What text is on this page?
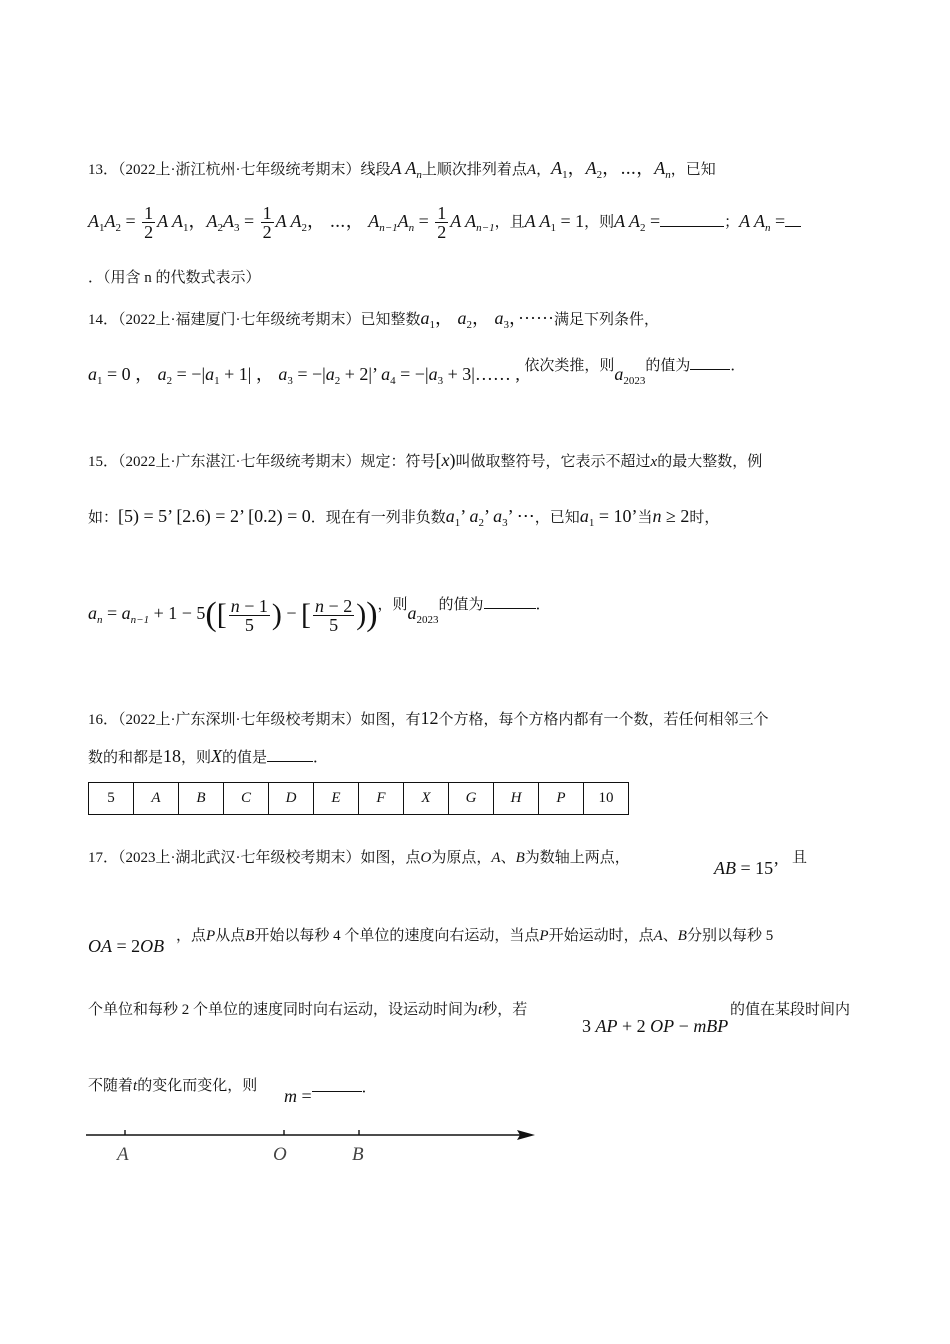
13．（2022上·浙江杭州·七年级统考期末）线段A $A_n$上顺次排列着点A，$A_1$，$A_2$，⋯，$A_n$，已知
$A_1A_2 = \frac{1}{2}$ A $A_1$，$A_2A_3 = \frac{1}{2}$ A $A_2$， ⋯， $A_{n-1}A_n = \frac{1}{2}$ A $A_{n-1}$，且A $A_1 = 1$，则A $A_2$ =	；A $A_n$ =
．（用含 n 的代数式表示）
14．（2022上·福建厦门·七年级统考期末）已知整数$a_1$， $a_2$， $a_3$，······满足下列条件，
$a_1 = 0$ ， $a_2 = -|a_1 + 1|$ ， $a_3 = -|a_2 + 2|$’ $a_4 = -|a_3$ + 3|…… , 依次类推，则$a_{2023}$的值为	．
15．（2022上·广东湛江·七年级统考期末）规定：符号[x)叫做取整符号，它表示不超过x的最大整数，例
如：[5) = 5’ [2.6) = 2’ [0.2) = 0．现在有一列非负数$a_1$’ $a_2$’ $a_3$’ ⋯，已知$a_1 = 10$’当n ≥ 2时，
$a_n = a_{n-1} + 1 - 5([ \frac{n - 1}{5}$ ) − [ $\frac{n - 2}{5}$ ))，则$a_{2023}$的值为	．
16．（2022上·广东深圳·七年级校考期末）如图，有12个方格，每个方格内都有一个数，若任何相邻三个
数的和都是18，则X的值是	．
5	A	B	C	D	E	F	X	G	H	P	10
17．（2023上·湖北武汉·七年级校考期末）如图，点O为原点，A、B为数轴上两点，	AB = 15’ 且
OA = 2OB ，点P从点B开始以每秒 4 个单位的速度向右运动，当点P开始运动时，点A、B分别以每秒 5
个单位和每秒 2 个单位的速度同时向右运动，设运动时间为t秒，若
3 AP + 2 OP − mBP
的值在某段时间内
不随着t的变化而变化，则 m =	．
A	O	B
